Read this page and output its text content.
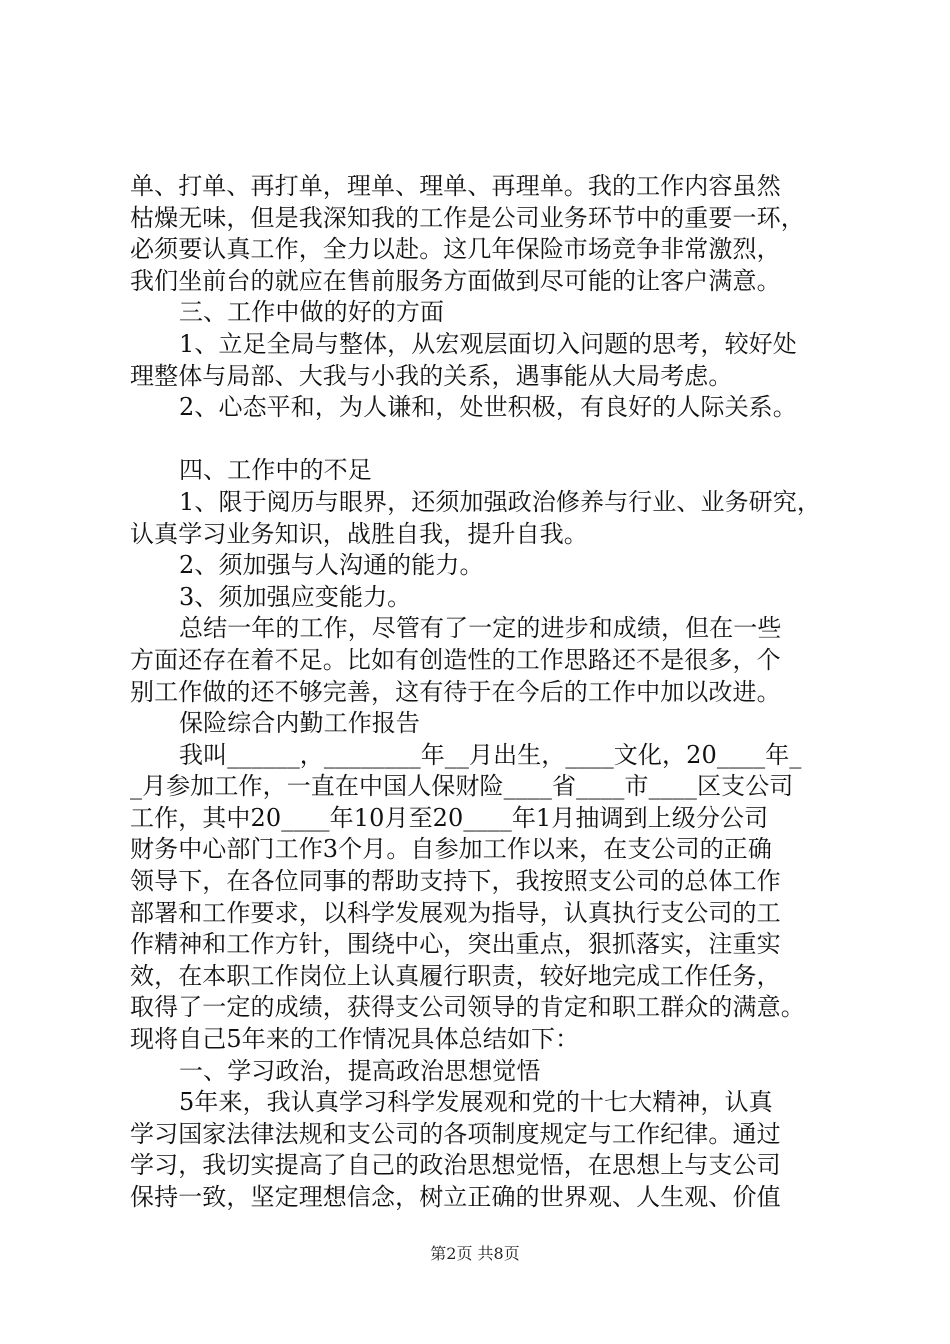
单、打单、再打单，理单、理单、再理单。我的工作内容虽然
枯燥无味，但是我深知我的工作是公司业务环节中的重要一环，
必须要认真工作，全力以赴。这几年保险市场竞争非常激烈，
我们坐前台的就应在售前服务方面做到尽可能的让客户满意。
三、工作中做的好的方面
1、立足全局与整体，从宏观层面切入问题的思考，较好处
理整体与局部、大我与小我的关系，遇事能从大局考虑。
2、心态平和，为人谦和，处世积极，有良好的人际关系。
四、工作中的不足
1、限于阅历与眼界，还须加强政治修养与行业、业务研究，
认真学习业务知识，战胜自我，提升自我。
2、须加强与人沟通的能力。
3、须加强应变能力。
总结一年的工作，尽管有了一定的进步和成绩，但在一些
方面还存在着不足。比如有创造性的工作思路还不是很多，个
别工作做的还不够完善，这有待于在今后的工作中加以改进。
保险综合内勤工作报告
我叫______，________年__月出生，____文化，20____年_
_月参加工作，一直在中国人保财险____省____市____区支公司
工作，其中20____年10月至20____年1月抽调到上级分公司
财务中心部门工作3个月。自参加工作以来，在支公司的正确
领导下，在各位同事的帮助支持下，我按照支公司的总体工作
部署和工作要求，以科学发展观为指导，认真执行支公司的工
作精神和工作方针，围绕中心，突出重点，狠抓落实，注重实
效，在本职工作岗位上认真履行职责，较好地完成工作任务，
取得了一定的成绩，获得支公司领导的肯定和职工群众的满意。
现将自己5年来的工作情况具体总结如下：
一、学习政治，提高政治思想觉悟
5年来，我认真学习科学发展观和党的十七大精神，认真
学习国家法律法规和支公司的各项制度规定与工作纪律。通过
学习，我切实提高了自己的政治思想觉悟，在思想上与支公司
保持一致，坚定理想信念，树立正确的世界观、人生观、价值
第2页 共8页
